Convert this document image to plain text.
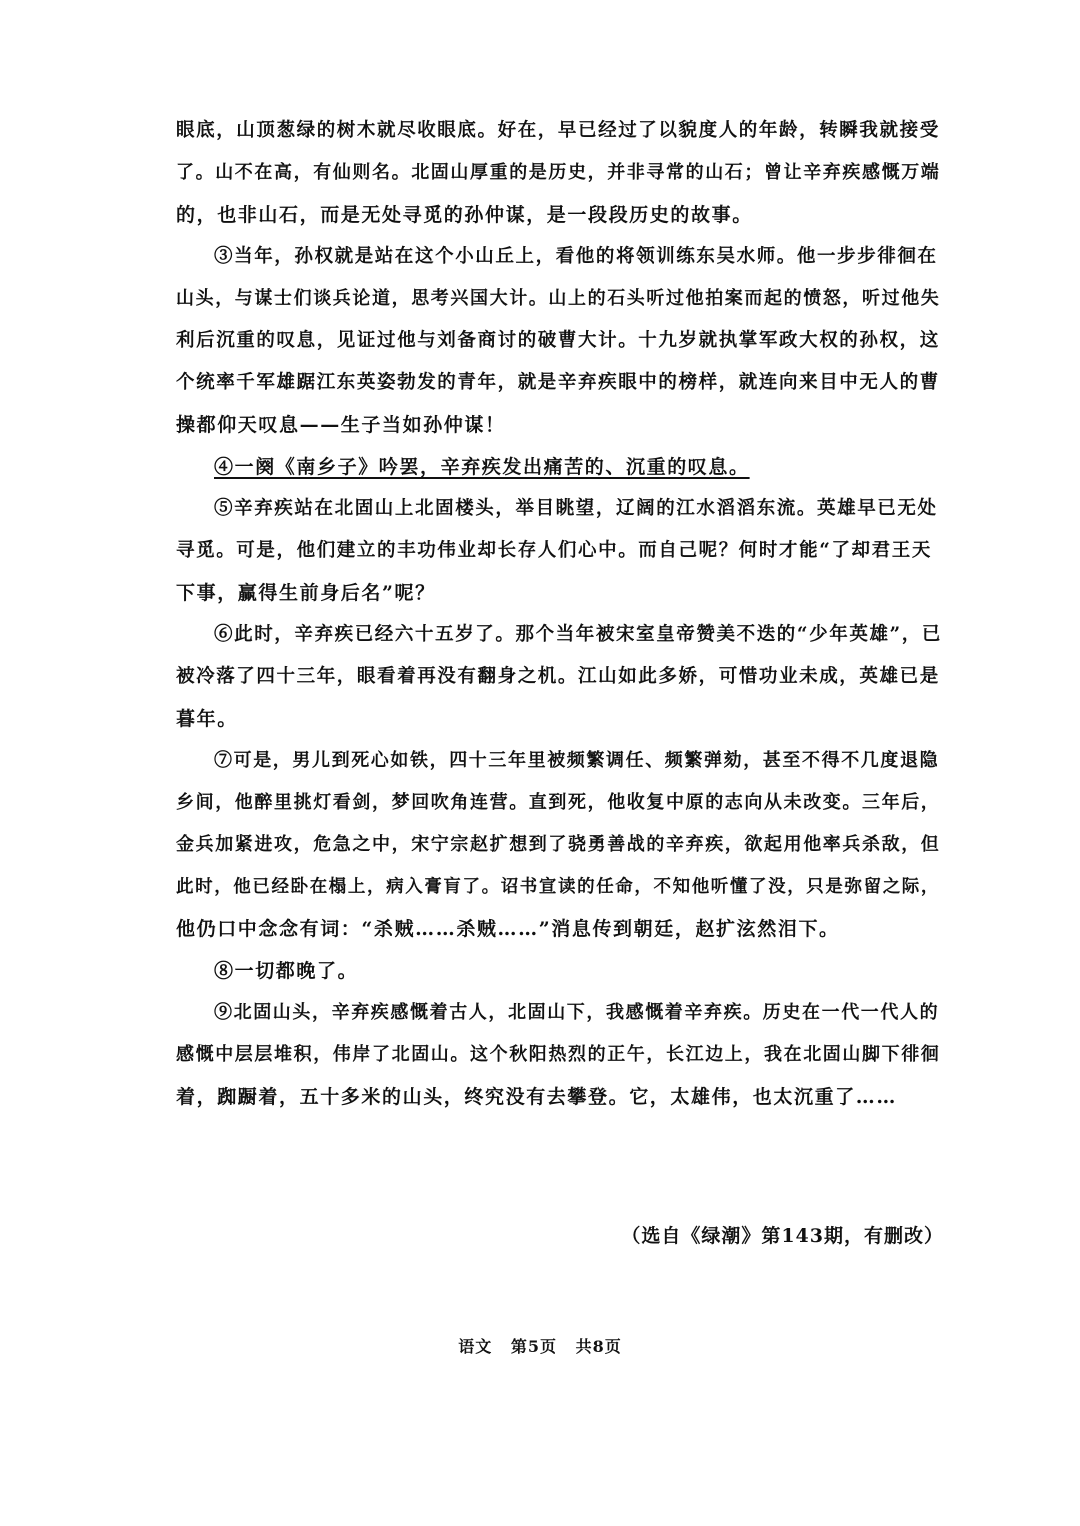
眼底，山顶葱绿的树木就尽收眼底。好在，早已经过了以貌度人的年龄，转瞬我就接受
了。山不在高，有仙则名。北固山厚重的是历史，并非寻常的山石；曾让辛弃疾感慨万端
的，也非山石，而是无处寻觅的孙仲谋，是一段段历史的故事。
③当年，孙权就是站在这个小山丘上，看他的将领训练东吴水师。他一步步徘徊在
山头，与谋士们谈兵论道，思考兴国大计。山上的石头听过他拍案而起的愤怒，听过他失
利后沉重的叹息，见证过他与刘备商讨的破曹大计。十九岁就执掌军政大权的孙权，这
个统率千军雄踞江东英姿勃发的青年，就是辛弃疾眼中的榜样，就连向来目中无人的曹
操都仰天叹息——生子当如孙仲谋！
④一阕《南乡子》吟罢，辛弃疾发出痛苦的、沉重的叹息。
⑤辛弃疾站在北固山上北固楼头，举目眺望，辽阔的江水滔滔东流。英雄早已无处
寻觅。可是，他们建立的丰功伟业却长存人们心中。而自己呢？何时才能“了却君王天
下事，赢得生前身后名”呢？
⑥此时，辛弃疾已经六十五岁了。那个当年被宋室皇帝赞美不迭的“少年英雄”，已
被冷落了四十三年，眼看着再没有翻身之机。江山如此多娇，可惜功业未成，英雄已是
暮年。
⑦可是，男儿到死心如铁，四十三年里被频繁调任、频繁弹劾，甚至不得不几度退隐
乡间，他醉里挑灯看剑，梦回吹角连营。直到死，他收复中原的志向从未改变。三年后，
金兵加紧进攻，危急之中，宋宁宗赵扩想到了骁勇善战的辛弃疾，欲起用他率兵杀敌，但
此时，他已经卧在榻上，病入膏肓了。诏书宣读的任命，不知他听懂了没，只是弥留之际，
他仍口中念念有词：“杀贼……杀贼……”消息传到朝廷，赵扩泫然泪下。
⑧一切都晚了。
⑨北固山头，辛弃疾感慨着古人，北固山下，我感慨着辛弃疾。历史在一代一代人的
感慨中层层堆积，伟岸了北固山。这个秋阳热烈的正午，长江边上，我在北固山脚下徘徊
着，踟蹰着，五十多米的山头，终究没有去攀登。它，太雄伟，也太沉重了……
（选自《绿潮》第143期，有删改）
语文 第5页 共8页
